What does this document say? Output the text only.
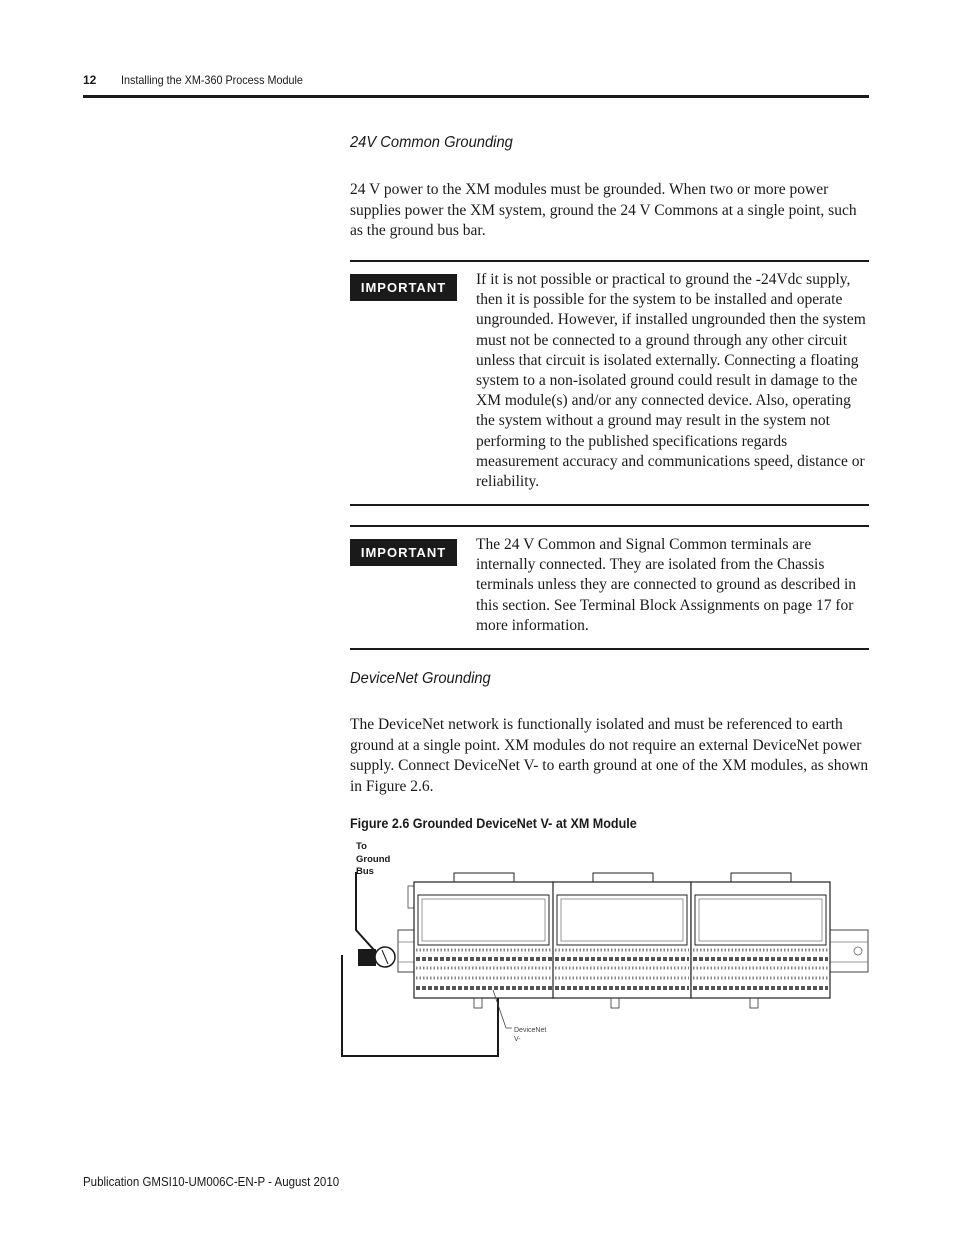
12 Installing the XM-360 Process Module
24V Common Grounding
24 V power to the XM modules must be grounded. When two or more power supplies power the XM system, ground the 24 V Commons at a single point, such as the ground bus bar.
IMPORTANT	If it is not possible or practical to ground the -24Vdc supply, then it is possible for the system to be installed and operate ungrounded. However, if installed ungrounded then the system must not be connected to a ground through any other circuit unless that circuit is isolated externally. Connecting a floating system to a non-isolated ground could result in damage to the XM module(s) and/or any connected device. Also, operating the system without a ground may result in the system not performing to the published specifications regards measurement accuracy and communications speed, distance or reliability.
IMPORTANT	The 24 V Common and Signal Common terminals are internally connected. They are isolated from the Chassis terminals unless they are connected to ground as described in this section. See Terminal Block Assignments on page 17 for more information.
DeviceNet Grounding
The DeviceNet network is functionally isolated and must be referenced to earth ground at a single point. XM modules do not require an external DeviceNet power supply. Connect DeviceNet V- to earth ground at one of the XM modules, as shown in Figure 2.6.
Figure 2.6 Grounded DeviceNet V- at XM Module
DeviceNet
V-
To
Ground
Bus
Publication GMSI10-UM006C-EN-P - August 2010
